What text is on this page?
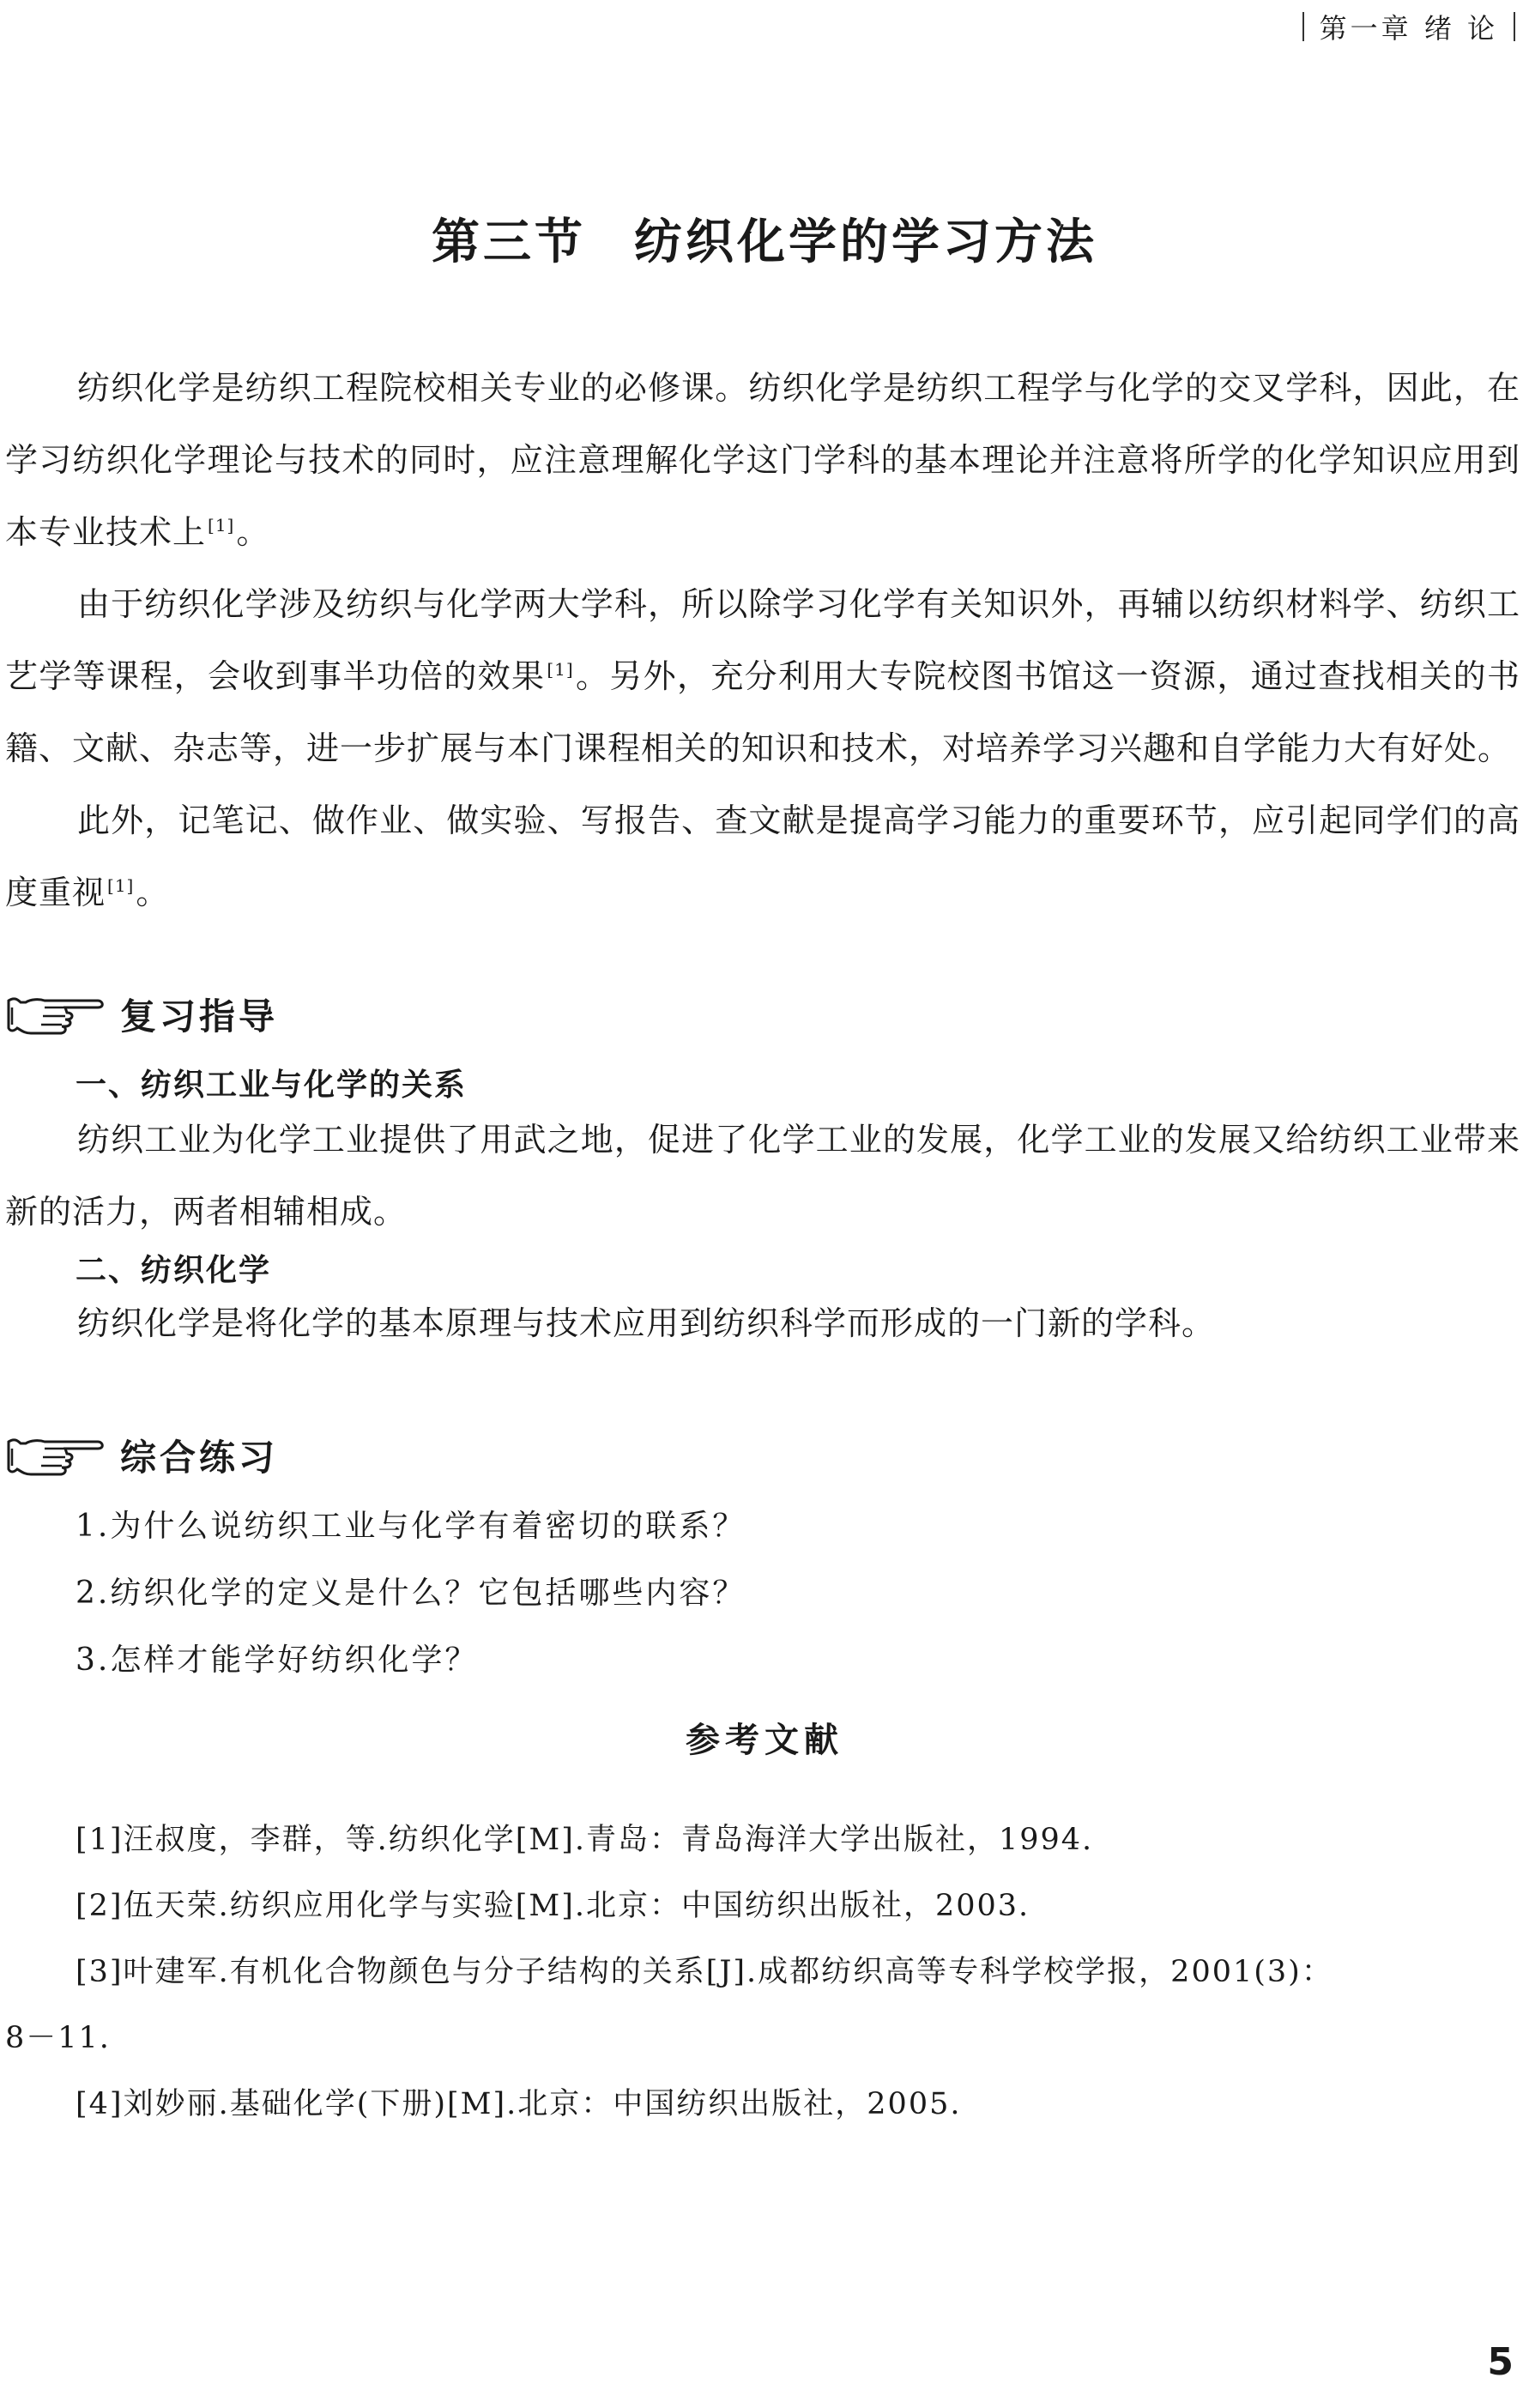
第一章 绪 论
第三节 纺织化学的学习方法

纺织化学是纺织工程院校相关专业的必修课。纺织化学是纺织工程学与化学的交叉学科，因此，在学习纺织化学理论与技术的同时，应注意理解化学这门学科的基本理论并注意将所学的化学知识应用到本专业技术上 [1]。

由于纺织化学涉及纺织与化学两大学科，所以除学习化学有关知识外，再辅以纺织材料学、纺织工艺学等课程，会收到事半功倍的效果 [1]。另外，充分利用大专院校图书馆这一资源，通过查找相关的书籍、文献、杂志等，进一步扩展与本门课程相关的知识和技术，对培养学习兴趣和自学能力大有好处。

此外，记笔记、做作业、做实验、写报告、查文献是提高学习能力的重要环节，应引起同学们的高度重视 [1]。

复习指导
一、纺织工业与化学的关系

纺织工业为化学工业提供了用武之地，促进了化学工业的发展，化学工业的发展又给纺织工业带来新的活力，两者相辅相成。

二、纺织化学

纺织化学是将化学的基本原理与技术应用到纺织科学而形成的一门新的学科。

综合练习
1.为什么说纺织工业与化学有着密切的联系？
2.纺织化学的定义是什么？它包括哪些内容？
3.怎样才能学好纺织化学？
参考文献
[1]汪叔度，李群，等.纺织化学[M].青岛：青岛海洋大学出版社，1994.
[2]伍天荣.纺织应用化学与实验[M].北京：中国纺织出版社，2003.
[3]叶建军.有机化合物颜色与分子结构的关系[J].成都纺织高等专科学校学报，2001(3)：
8－11.
[4]刘妙丽.基础化学(下册)[M].北京：中国纺织出版社，2005.
5
